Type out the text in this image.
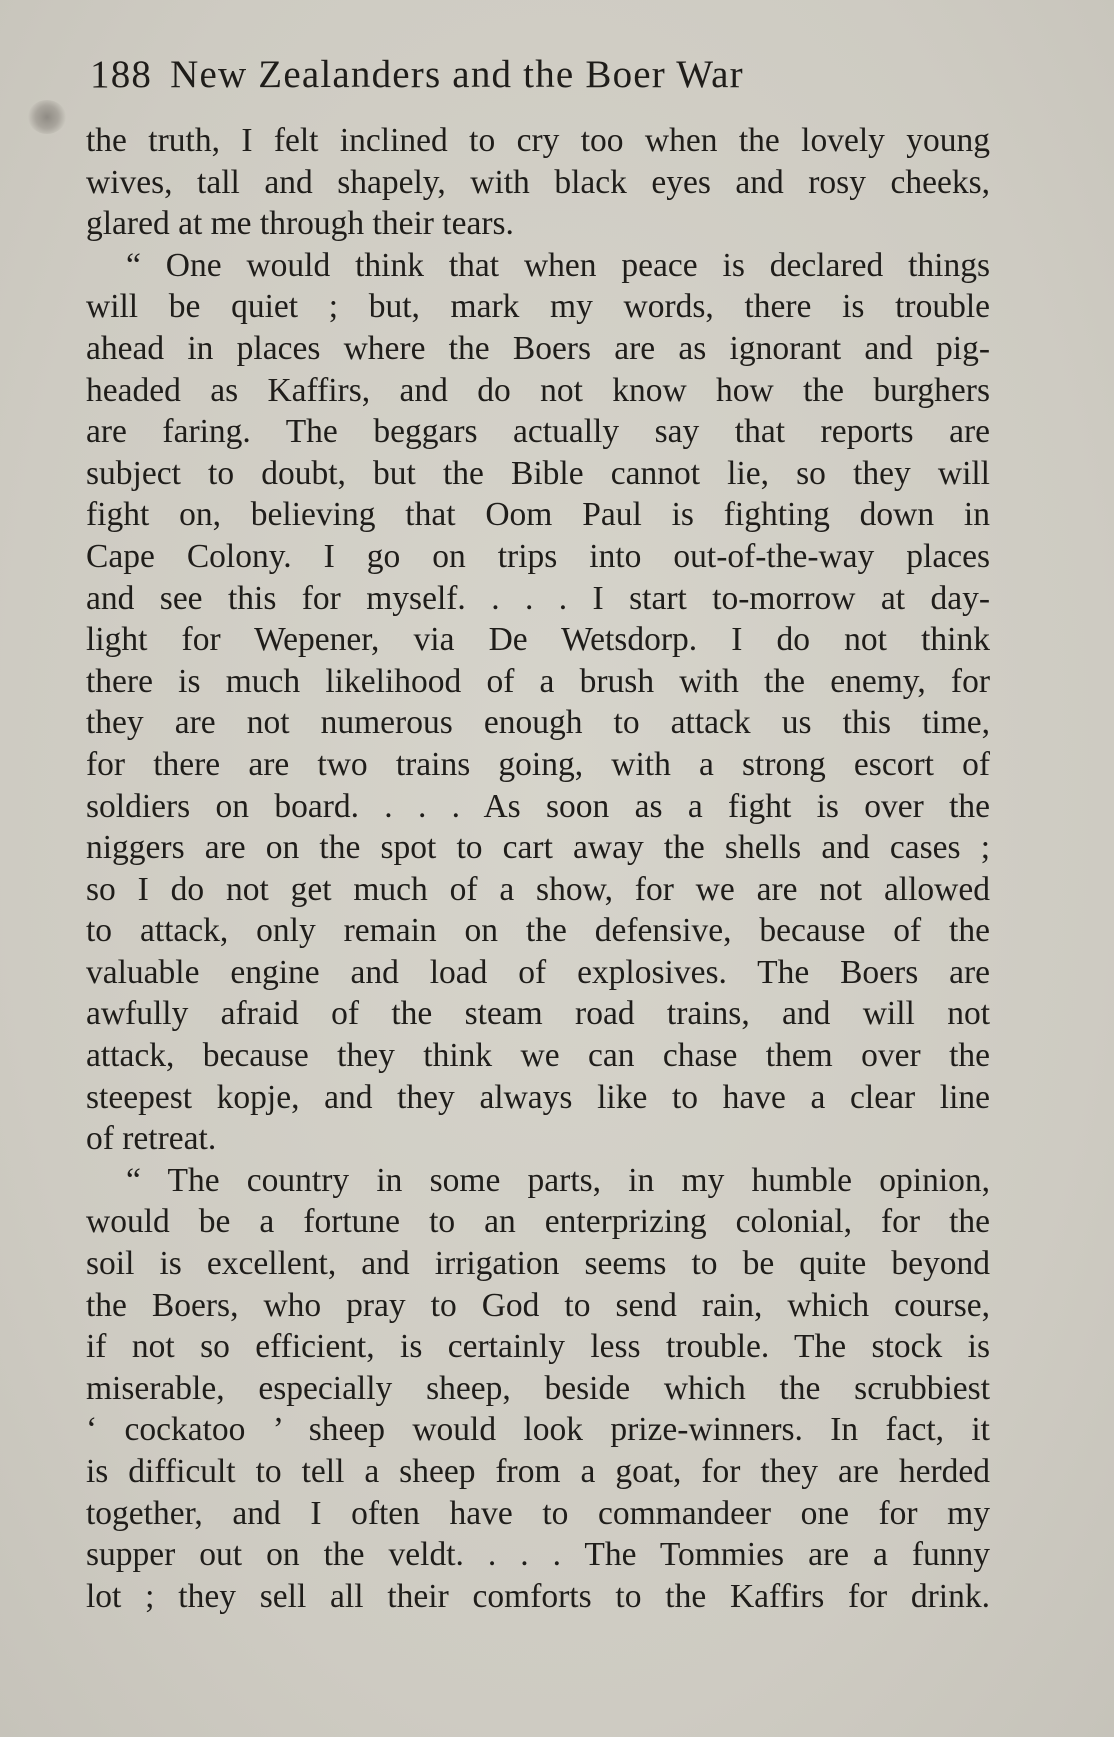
188 New Zealanders and the Boer War
the truth, I felt inclined to cry too when the lovely young
wives, tall and shapely, with black eyes and rosy cheeks,
glared at me through their tears.
“ One would think that when peace is declared things
will be quiet ; but, mark my words, there is trouble
ahead in places where the Boers are as ignorant and pig-
headed as Kaffirs, and do not know how the burghers
are faring. The beggars actually say that reports are
subject to doubt, but the Bible cannot lie, so they will
fight on, believing that Oom Paul is fighting down in
Cape Colony. I go on trips into out-of-the-way places
and see this for myself. . . . I start to-morrow at day-
light for Wepener, via De Wetsdorp. I do not think
there is much likelihood of a brush with the enemy, for
they are not numerous enough to attack us this time,
for there are two trains going, with a strong escort of
soldiers on board. . . . As soon as a fight is over the
niggers are on the spot to cart away the shells and cases ;
so I do not get much of a show, for we are not allowed
to attack, only remain on the defensive, because of the
valuable engine and load of explosives. The Boers are
awfully afraid of the steam road trains, and will not
attack, because they think we can chase them over the
steepest kopje, and they always like to have a clear line
of retreat.
“ The country in some parts, in my humble opinion,
would be a fortune to an enterprizing colonial, for the
soil is excellent, and irrigation seems to be quite beyond
the Boers, who pray to God to send rain, which course,
if not so efficient, is certainly less trouble. The stock is
miserable, especially sheep, beside which the scrubbiest
‘ cockatoo ’ sheep would look prize-winners. In fact, it
is difficult to tell a sheep from a goat, for they are herded
together, and I often have to commandeer one for my
supper out on the veldt. . . . The Tommies are a funny
lot ; they sell all their comforts to the Kaffirs for drink.
